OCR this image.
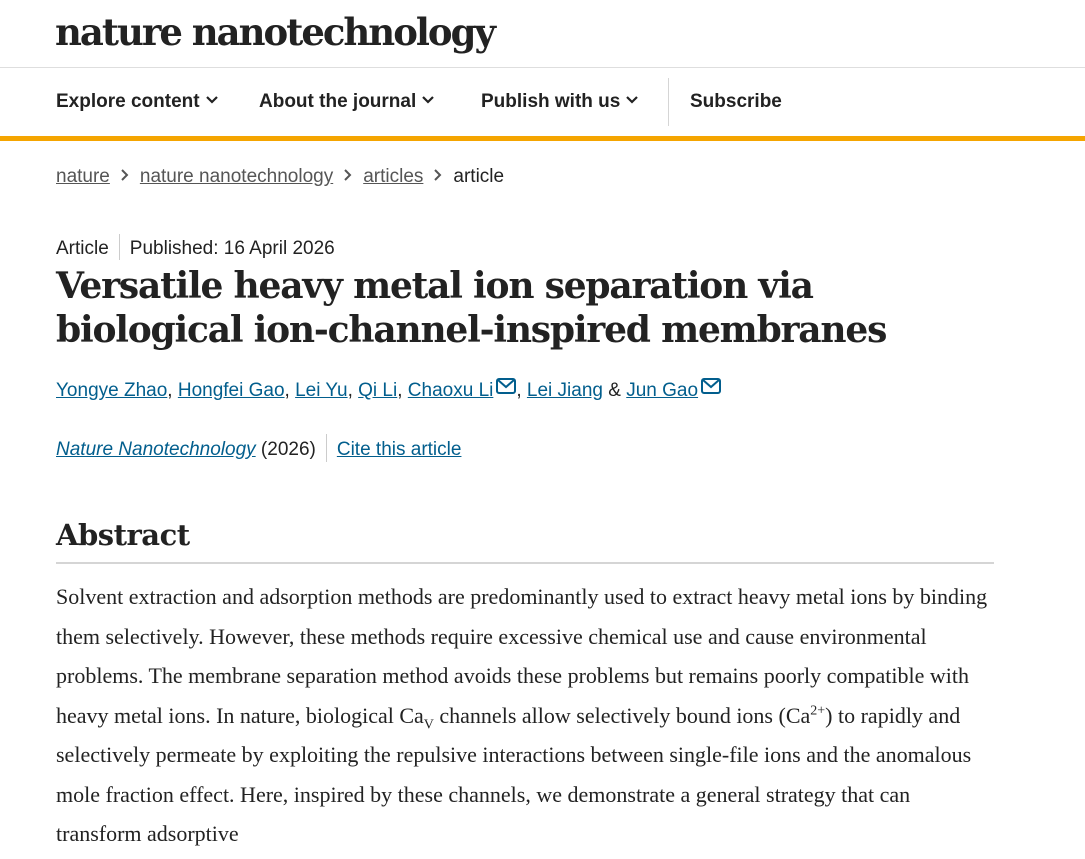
nature nanotechnology
Explore content	About the journal	Publish with us	Subscribe
nature nature nanotechnology articles article
Article Published: 16 April 2026
Versatile heavy metal ion separation via biological ion-channel-inspired membranes
Yongye Zhao, Hongfei Gao, Lei Yu, Qi Li, Chaoxu Li , Lei Jiang & Jun Gao
Nature Nanotechnology (2026) Cite this article
Abstract

Solvent extraction and adsorption methods are predominantly used to extract heavy metal ions by binding them selectively. However, these methods require excessive chemical use and cause environmental problems. The membrane separation method avoids these problems but remains poorly compatible with heavy metal ions. In nature, biological $Ca_V$ channels allow selectively bound ions $(Ca^{2+})$ to rapidly and selectively permeate by exploiting the repulsive interactions between single-file ions and the anomalous mole fraction effect. Here, inspired by these channels, we demonstrate a general strategy that can transform adsorptive
